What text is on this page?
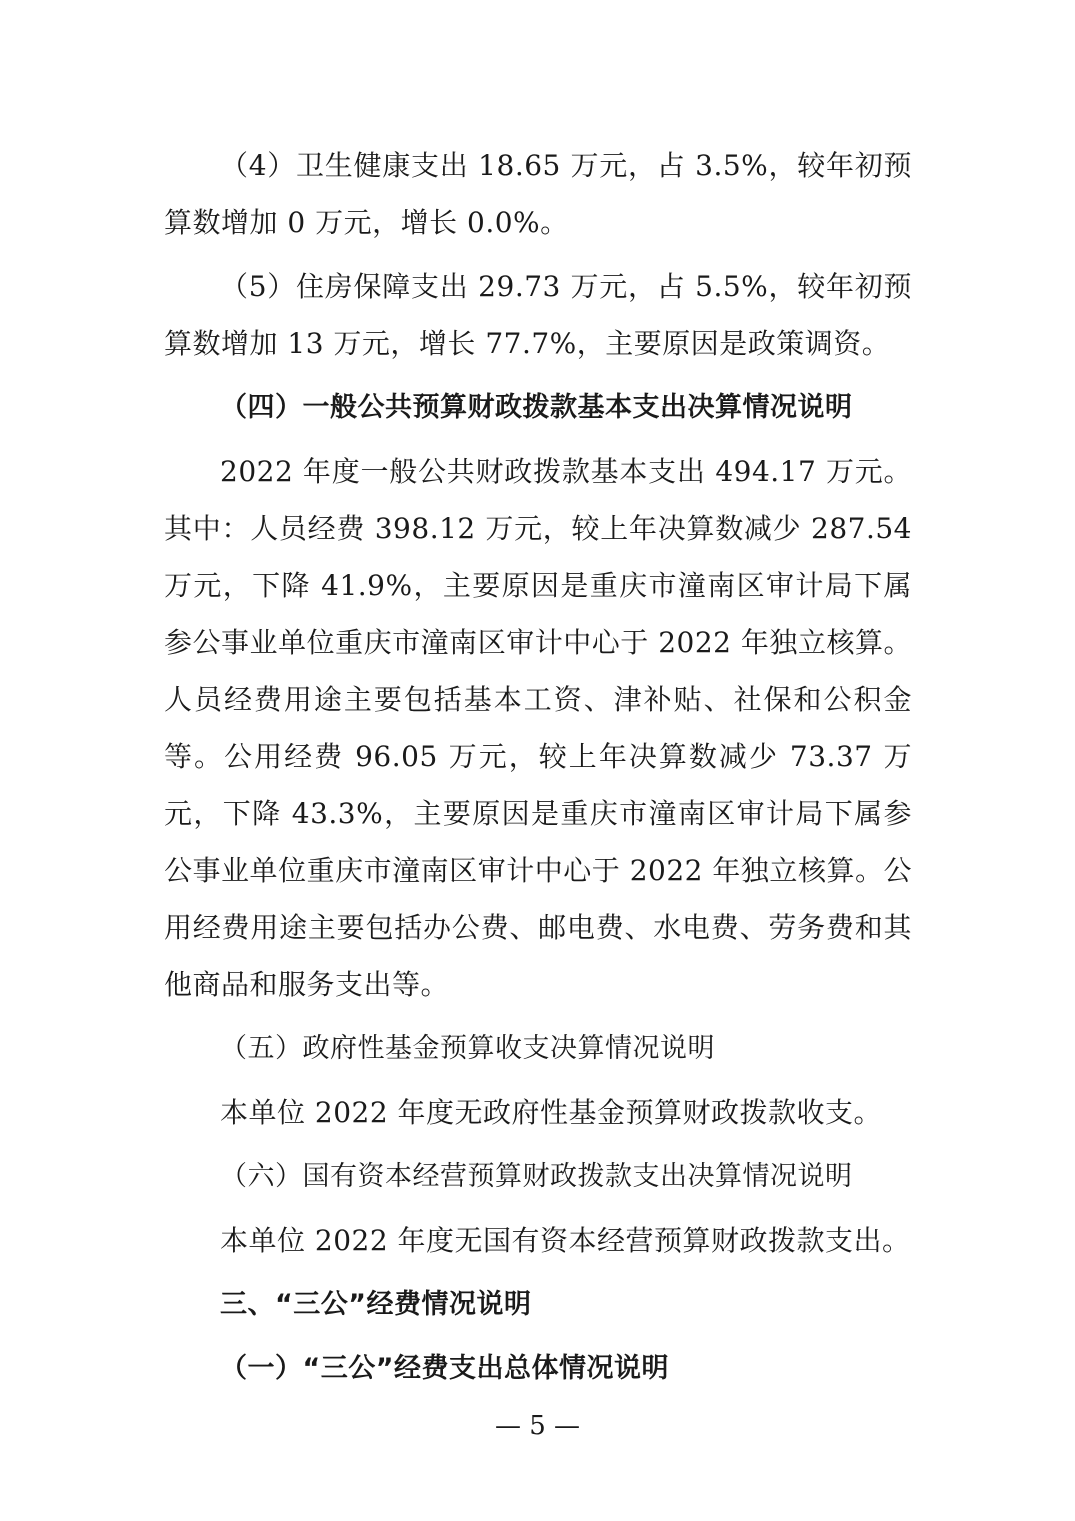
（4）卫生健康支出 18.65 万元，占 3.5%，较年初预算数增加 0 万元，增长 0.0%。

（5）住房保障支出 29.73 万元，占 5.5%，较年初预算数增加 13 万元，增长 77.7%，主要原因是政策调资。

（四）一般公共预算财政拨款基本支出决算情况说明

2022 年度一般公共财政拨款基本支出 494.17 万元。其中：人员经费 398.12 万元，较上年决算数减少 287.54 万元，下降 41.9%，主要原因是重庆市潼南区审计局下属参公事业单位重庆市潼南区审计中心于 2022 年独立核算。人员经费用途主要包括基本工资、津补贴、社保和公积金等。公用经费 96.05 万元，较上年决算数减少 73.37 万元，下降 43.3%，主要原因是重庆市潼南区审计局下属参公事业单位重庆市潼南区审计中心于 2022 年独立核算。公用经费用途主要包括办公费、邮电费、水电费、劳务费和其他商品和服务支出等。

（五）政府性基金预算收支决算情况说明

本单位 2022 年度无政府性基金预算财政拨款收支。

（六）国有资本经营预算财政拨款支出决算情况说明

本单位 2022 年度无国有资本经营预算财政拨款支出。

三、“三公”经费情况说明

（一）“三公”经费支出总体情况说明

— 5 —
